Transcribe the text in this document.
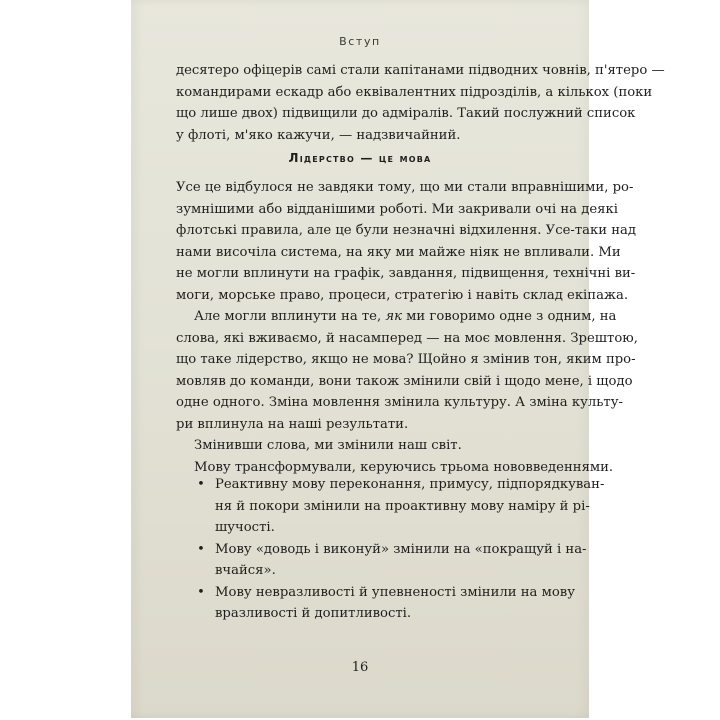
Вступ
десятеро офіцерів самі стали капітанами підводних човнів, п'ятеро —
командирами ескадр або еквівалентних підрозділів, а кількох (поки
що лише двох) підвищили до адміралів. Такий послужний список
у флоті, м'яко кажучи, — надзвичайний.
Лідерство — це мова
Усе це відбулося не завдяки тому, що ми стали вправнішими, ро-
зумнішими або відданішими роботі. Ми закривали очі на деякі
флотські правила, але це були незначні відхилення. Усе-таки над
нами височіла система, на яку ми майже ніяк не впливали. Ми
не могли вплинути на графік, завдання, підвищення, технічні ви-
моги, морське право, процеси, стратегію і навіть склад екіпажа.
Але могли вплинути на те, як ми говоримо одне з одним, на
слова, які вживаємо, й насамперед — на моє мовлення. Зрештою,
що таке лідерство, якщо не мова? Щойно я змінив тон, яким про-
мовляв до команди, вони також змінили свій і щодо мене, і щодо
одне одного. Зміна мовлення змінила культуру. А зміна культу-
ри вплинула на наші результати.
Змінивши слова, ми змінили наш світ.
Мову трансформували, керуючись трьома нововведеннями.
• Реактивну мову переконання, примусу, підпорядкуван-
ня й покори змінили на проактивну мову наміру й рі-
шучості.
• Мову «доводь і виконуй» змінили на «покращуй і на-
вчайся».
• Мову невразливості й упевненості змінили на мову
вразливості й допитливості.
16
